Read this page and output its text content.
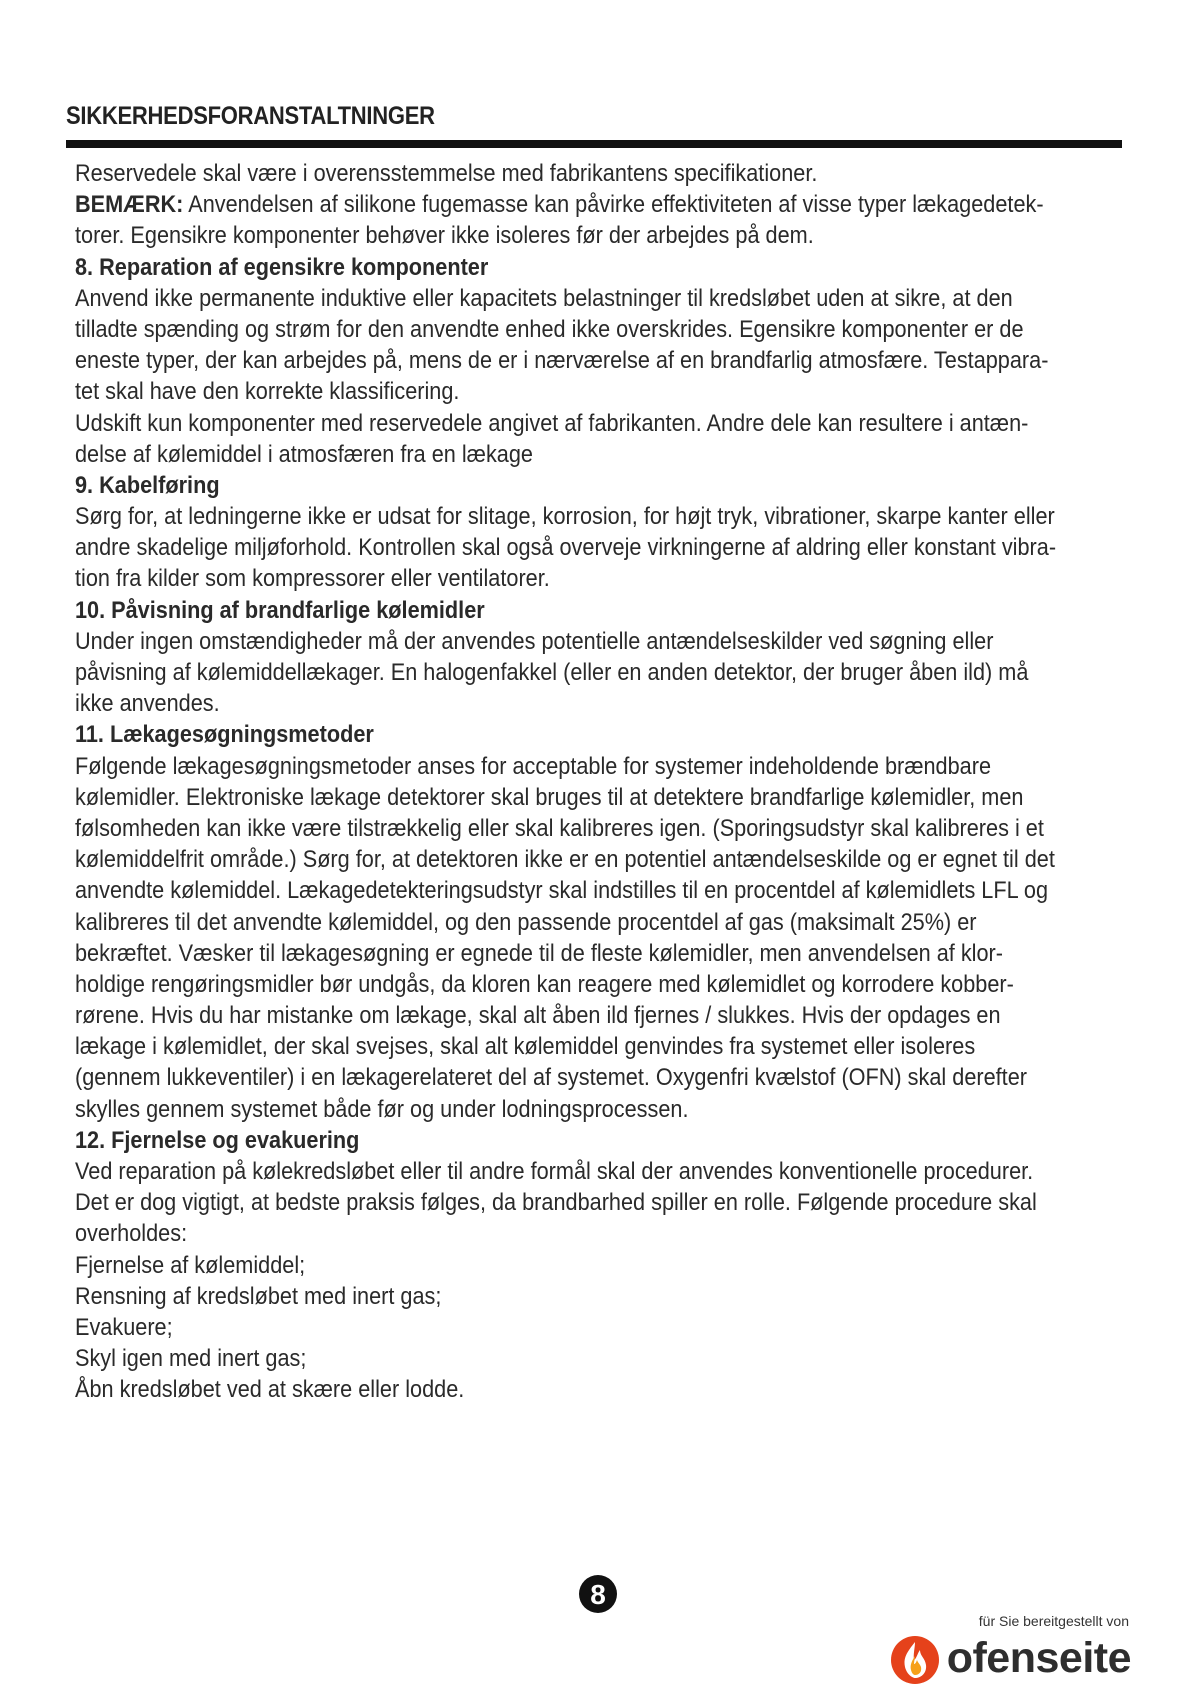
SIKKERHEDSFORANSTALTNINGER
Reservedele skal være i overensstemmelse med fabrikantens specifikationer.
BEMÆRK: Anvendelsen af silikone fugemasse kan påvirke effektiviteten af visse typer lækagedetek-
torer. Egensikre komponenter behøver ikke isoleres før der arbejdes på dem.
8. Reparation af egensikre komponenter
Anvend ikke permanente induktive eller kapacitets belastninger til kredsløbet uden at sikre, at den
tilladte spænding og strøm for den anvendte enhed ikke overskrides. Egensikre komponenter er de
eneste typer, der kan arbejdes på, mens de er i nærværelse af en brandfarlig atmosfære. Testappara-
tet skal have den korrekte klassificering.
Udskift kun komponenter med reservedele angivet af fabrikanten. Andre dele kan resultere i antæn-
delse af kølemiddel i atmosfæren fra en lækage
9. Kabelføring
Sørg for, at ledningerne ikke er udsat for slitage, korrosion, for højt tryk, vibrationer, skarpe kanter eller
andre skadelige miljøforhold. Kontrollen skal også overveje virkningerne af aldring eller konstant vibra-
tion fra kilder som kompressorer eller ventilatorer.
10. Påvisning af brandfarlige kølemidler
Under ingen omstændigheder må der anvendes potentielle antændelseskilder ved søgning eller
påvisning af kølemiddellækager. En halogenfakkel (eller en anden detektor, der bruger åben ild) må
ikke anvendes.
11. Lækagesøgningsmetoder
Følgende lækagesøgningsmetoder anses for acceptable for systemer indeholdende brændbare
kølemidler. Elektroniske lækage detektorer skal bruges til at detektere brandfarlige kølemidler, men
følsomheden kan ikke være tilstrækkelig eller skal kalibreres igen. (Sporingsudstyr skal kalibreres i et
kølemiddelfrit område.) Sørg for, at detektoren ikke er en potentiel antændelseskilde og er egnet til det
anvendte kølemiddel. Lækagedetekteringsudstyr skal indstilles til en procentdel af kølemidlets LFL og
kalibreres til det anvendte kølemiddel, og den passende procentdel af gas (maksimalt 25%) er
bekræftet. Væsker til lækagesøgning er egnede til de fleste kølemidler, men anvendelsen af klor-
holdige rengøringsmidler bør undgås, da kloren kan reagere med kølemidlet og korrodere kobber-
rørene. Hvis du har mistanke om lækage, skal alt åben ild fjernes / slukkes. Hvis der opdages en
lækage i kølemidlet, der skal svejses, skal alt kølemiddel genvindes fra systemet eller isoleres
(gennem lukkeventiler) i en lækagerelateret del af systemet. Oxygenfri kvælstof (OFN) skal derefter
skylles gennem systemet både før og under lodningsprocessen.
12. Fjernelse og evakuering
Ved reparation på kølekredsløbet eller til andre formål skal der anvendes konventionelle procedurer.
Det er dog vigtigt, at bedste praksis følges, da brandbarhed spiller en rolle. Følgende procedure skal
overholdes:
Fjernelse af kølemiddel;
Rensning af kredsløbet med inert gas;
Evakuere;
Skyl igen med inert gas;
Åbn kredsløbet ved at skære eller lodde.
8
für Sie bereitgestellt von
ofenseite
